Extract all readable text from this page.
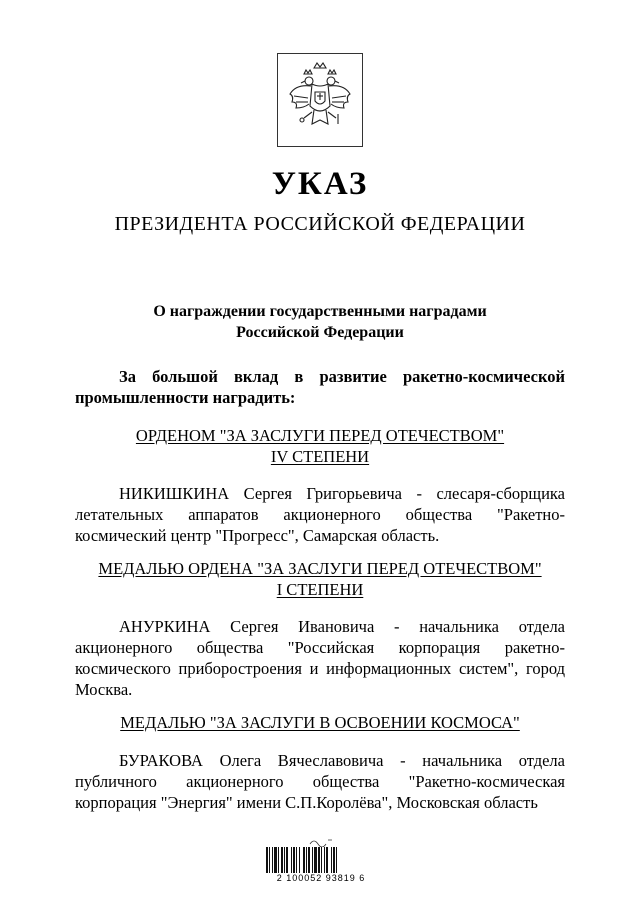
УКАЗ
ПРЕЗИДЕНТА РОССИЙСКОЙ ФЕДЕРАЦИИ
О награждении государственными наградами
Российской Федерации
За большой вклад в развитие ракетно-космической промышленности наградить:
ОРДЕНОМ "ЗА ЗАСЛУГИ ПЕРЕД ОТЕЧЕСТВОМ"
IV СТЕПЕНИ
НИКИШКИНА Сергея Григорьевича - слесаря-сборщика летательных аппаратов акционерного общества "Ракетно-космический центр "Прогресс", Самарская область.
МЕДАЛЬЮ ОРДЕНА "ЗА ЗАСЛУГИ ПЕРЕД ОТЕЧЕСТВОМ"
I СТЕПЕНИ
АНУРКИНА Сергея Ивановича - начальника отдела акционерного общества "Российская корпорация ракетно-космического приборостроения и информационных систем", город Москва.
МЕДАЛЬЮ "ЗА ЗАСЛУГИ В ОСВОЕНИИ КОСМОСА"
БУРАКОВА Олега Вячеславовича - начальника отдела публичного акционерного общества "Ракетно-космическая корпорация "Энергия" имени С.П.Королёва", Московская область
2 100052 93819 6
